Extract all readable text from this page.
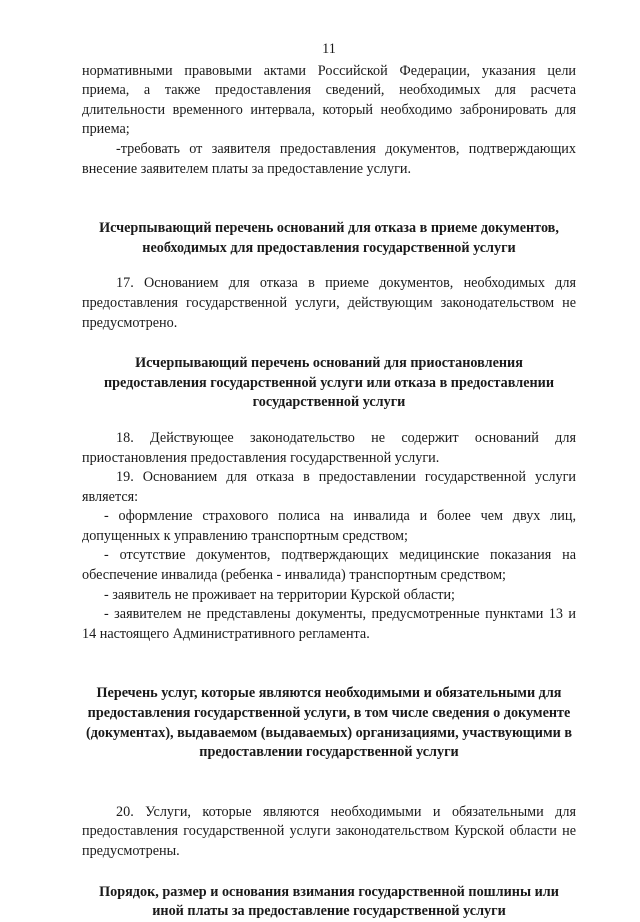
11

нормативными правовыми актами Российской Федерации, указания цели приема, а также предоставления сведений, необходимых для расчета длительности временного интервала, который необходимо забронировать для приема;

-требовать от заявителя предоставления документов, подтверждающих внесение заявителем платы за предоставление услуги.

Исчерпывающий перечень оснований для отказа в приеме документов, необходимых для предоставления государственной услуги

17. Основанием для отказа в приеме документов, необходимых для предоставления государственной услуги, действующим законодательством не предусмотрено.

Исчерпывающий перечень оснований для приостановления предоставления государственной услуги или отказа в предоставлении государственной услуги

18. Действующее законодательство не содержит оснований для приостановления предоставления государственной услуги.

19. Основанием для отказа в предоставлении государственной услуги является:

- оформление страхового полиса на инвалида и более чем двух лиц, допущенных к управлению транспортным средством;

- отсутствие документов, подтверждающих медицинские показания на обеспечение инвалида (ребенка - инвалида) транспортным средством;

- заявитель не проживает на территории Курской области;

- заявителем не представлены документы, предусмотренные пунктами 13 и 14 настоящего Административного регламента.

Перечень услуг, которые являются необходимыми и обязательными для предоставления государственной услуги, в том числе сведения о документе (документах), выдаваемом (выдаваемых) организациями, участвующими в предоставлении государственной услуги

20. Услуги, которые являются необходимыми и обязательными для предоставления государственной услуги законодательством Курской области не предусмотрены.

Порядок, размер и основания взимания государственной пошлины или иной платы за предоставление государственной услуги
